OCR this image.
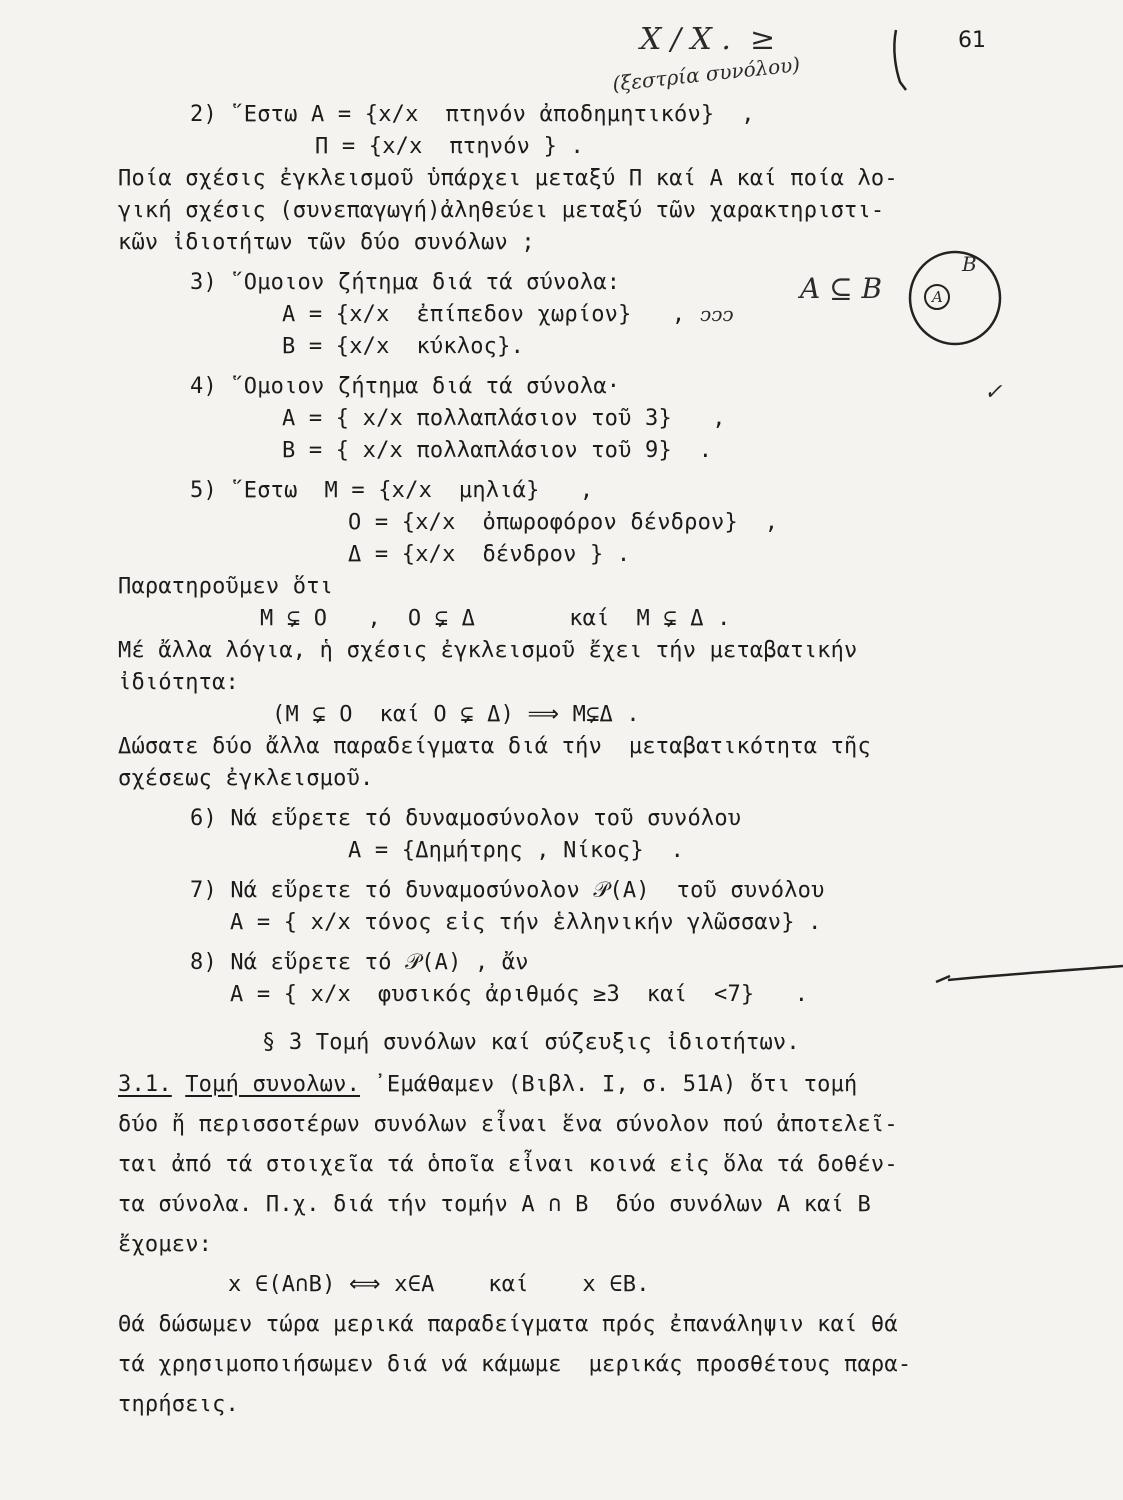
61
X / X .  ≥
(ξεστρία συνόλου)
A ⊆ B
ͻͻͻ
B
A
✓
2) ῞Εστω Α = {x/x  πτηνόν ἀποδημητικόν}  ,
Π = {x/x  πτηνόν } .
Ποία σχέσις ἐγκλεισμοῦ ὑπάρχει μεταξύ Π καί Α καί ποία λο-
γική σχέσις (συνεπαγωγή)ἀληθεύει μεταξύ τῶν χαρακτηριστι-
κῶν ἰδιοτήτων τῶν δύο συνόλων ;
3) ῞Ομοιον ζήτημα διά τά σύνολα:
Α = {x/x  ἐπίπεδον χωρίον}   ,
Β = {x/x  κύκλος}.
4) ῞Ομοιον ζήτημα διά τά σύνολα·
Α = { x/x πολλαπλάσιον τοῦ 3}   ,
Β = { x/x πολλαπλάσιον τοῦ 9}  .
5) ῞Εστω  Μ = {x/x  μηλιά}   ,
Ο = {x/x  ὀπωροφόρον δένδρον}  ,
Δ = {x/x  δένδρον } .
Παρατηροῦμεν ὅτι
Μ ⊊ Ο   ,  Ο ⊊ Δ       καί  Μ ⊊ Δ .
Μέ ἄλλα λόγια, ἡ σχέσις ἐγκλεισμοῦ ἔχει τήν μεταβατικήν
ἰδιότητα:
(Μ ⊊ Ο  καί Ο ⊊ Δ) ⟹ Μ⊊Δ .
Δώσατε δύο ἄλλα παραδείγματα διά τήν  μεταβατικότητα τῆς
σχέσεως ἐγκλεισμοῦ.
6) Νά εὕρετε τό δυναμοσύνολον τοῦ συνόλου
Α = {Δημήτρης , Νίκος}  .
7) Νά εὕρετε τό δυναμοσύνολον 𝒫(Α)  τοῦ συνόλου
Α = { x/x τόνος εἰς τήν ἑλληνικήν γλῶσσαν} .
8) Νά εὕρετε τό 𝒫(Α) , ἄν
Α = { x/x  φυσικός ἀριθμός ≥3  καί  <7}   .
§ 3 Τομή συνόλων καί σύζευξις ἰδιοτήτων.
3.1. Τομή συνολων. ᾿Εμάθαμεν (Βιβλ. Ι, σ. 51Α) ὅτι τομή
δύο ἤ περισσοτέρων συνόλων εἶναι ἕνα σύνολον πού ἀποτελεῖ-
ται ἀπό τά στοιχεῖα τά ὁποῖα εἶναι κοινά εἰς ὅλα τά δοθέν-
τα σύνολα. Π.χ. διά τήν τομήν Α ∩ Β  δύο συνόλων Α καί Β
ἔχομεν:
x ∈(Α∩Β) ⟺ x∈Α    καί    x ∈Β.
Θά δώσωμεν τώρα μερικά παραδείγματα πρός ἐπανάληψιν καί θά
τά χρησιμοποιήσωμεν διά νά κάμωμε  μερικάς προσθέτους παρα-
τηρήσεις.
